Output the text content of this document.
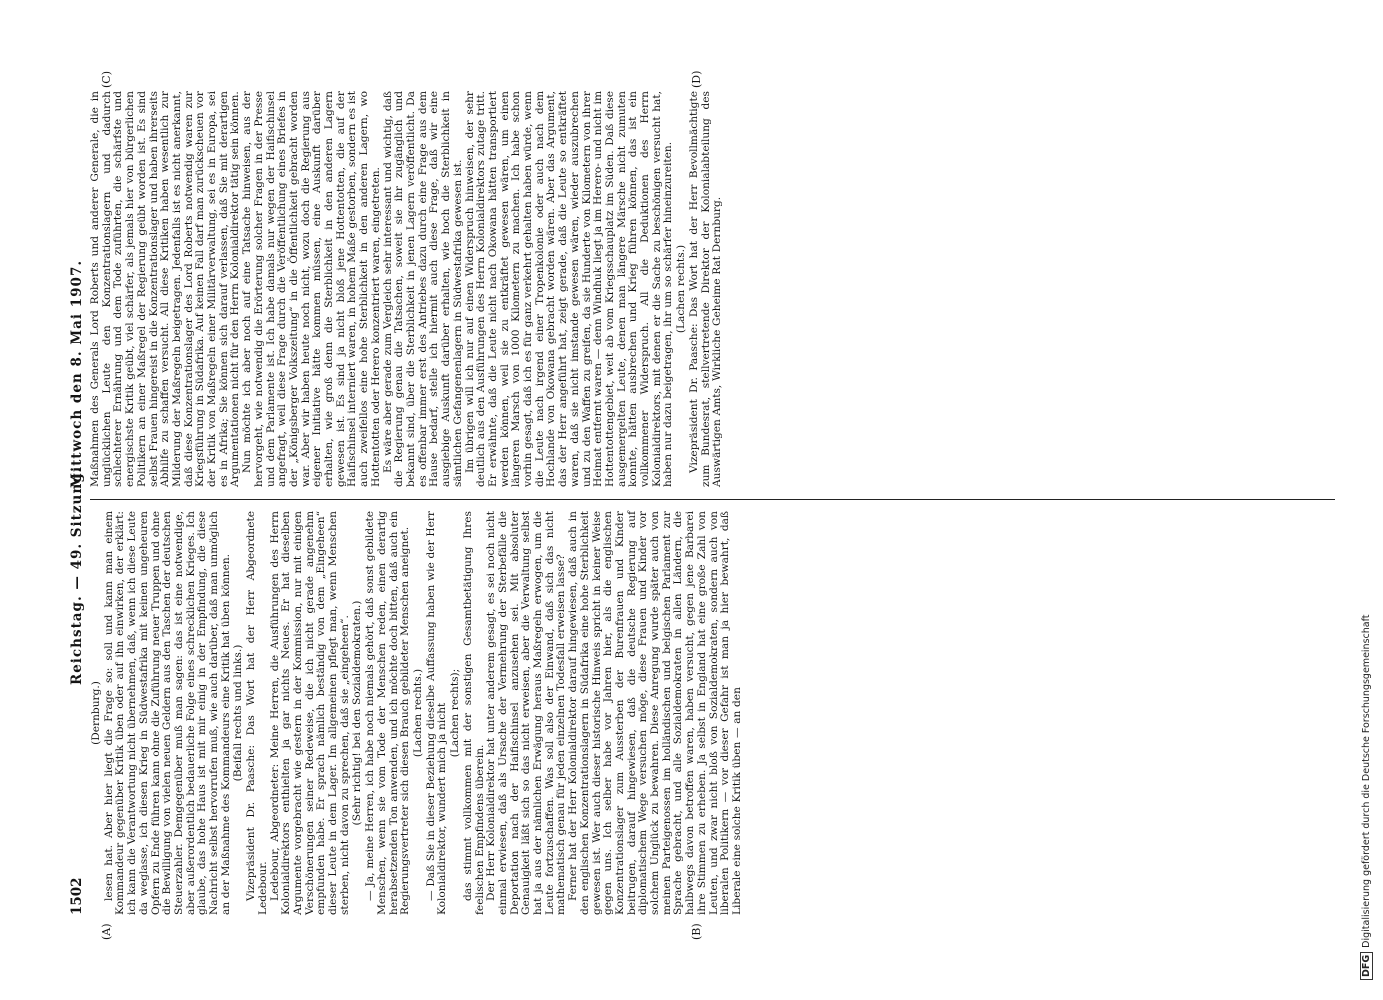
1502
Reichstag. — 49. Sitzung.
Mittwoch den 8. Mai 1907.
(A)	(B)
(C)	(D)

(Dernburg.) lesen hat. Aber hier liegt die Frage so: soll und kann man einem Kommandeur gegenüber Kritik üben oder auf ihn einwirken, der erklärt: ich kann die Verantwortung nicht übernehmen, daß, wenn ich diese Leute da weglasse, ich diesen Krieg in Südwestafrika mit keinen ungeheuren Opfern zu Ende führen kann ohne die Zuführung neuer Truppen und ohne die Bewilligung von vielen neuen Geldern aus den Taschen der deutschen Steuerzahler. Demgegenüber muß man sagen: das ist eine notwendige, aber außerordentlich bedauerliche Folge eines schrecklichen Krieges. Ich glaube, das hohe Haus ist mit mir einig in der Empfindung, die diese Nachricht selbst hervorrufen muß, wie auch darüber, daß man unmöglich an der Maßnahme des Kommandeurs eine Kritik hat üben können. (Beifall rechts und links.) Vizepräsident Dr. Paasche: Das Wort hat der Herr Abgeordnete Ledebour. Ledebour, Abgeordneter: Meine Herren, die Ausführungen des Herrn Kolonialdirektors enthielten ja gar nichts Neues. Er hat dieselben Argumente vorgebracht wie gestern in der Kommission, nur mit einigen Verschönerungen seiner Redeweise, die ich nicht gerade angenehm empfunden habe. Er sprach nämlich beständig von dem „Eingeheen“ dieser Leute in dem Lager. Im allgemeinen pflegt man, wenn Menschen sterben, nicht davon zu sprechen, daß sie „eingeheen“. (Sehr richtig! bei den Sozialdemokraten.) — Ja, meine Herren, ich habe noch niemals gehört, daß sonst gebildete Menschen, wenn sie vom Tode der Menschen reden, einen derartig herabsetzenden Ton anwenden, und ich möchte doch bitten, daß auch ein Regierungsvertreter sich diesen Brauch gebildeter Menschen aneignet. (Lachen rechts.) — Daß Sie in dieser Beziehung dieselbe Auffassung haben wie der Herr Kolonialdirektor, wundert mich ja nicht (Lachen rechts); das stimmt vollkommen mit der sonstigen Gesamtbetätigung Ihres feelischen Empfindens überein. Der Herr Kolonialdirektor hat unter anderem gesagt, es sei noch nicht einmal erwiesen, daß als Ursache der Vermehrung der Sterbefälle die Deportation nach der Haifischinsel anzusehen sei. Mit absoluter Genauigkeit läßt sich so das nicht erweisen, aber die Verwaltung selbst hat ja aus der nämlichen Erwägung heraus Maßregeln erwogen, um die Leute fortzuschaffen. Was soll also der Einwand, daß sich das nicht mathematisch genau für jeden einzelnen Todesfall erweisen lasse? Ferner hat der Herr Kolonialdirektor darauf hingewiesen, daß auch in den englischen Konzentrationslagern in Südafrika eine hohe Sterblichkeit gewesen ist. Wer auch dieser historische Hinweis spricht in keiner Weise gegen uns. Ich selber habe vor Jahren hier, als die englischen Konzentrationslager zum Aussterben der Burenfrauen und Kinder beitrugen, darauf hingewiesen, daß die deutsche Regierung auf diplomatischem Wege versuchen möge, diese Frauen und Kinder vor solchem Unglück zu bewahren. Diese Anregung wurde später auch von meinen Parteigenossen im holländischen und belgischen Parlament zur Sprache gebracht, und alle Sozialdemokraten in allen Ländern, die halbwegs davon betroffen waren, haben versucht, gegen jene Barbarei ihre Stimmen zu erheben. Ja selbst in England hat eine große Zahl von Leuten, und zwar nicht bloß von Sozialdemokraten, sondern auch von liberalen Politikern — vor dieser Gefahr ist man ja hier bewahrt, daß Liberale eine solche Kritik üben — an den

Maßnahmen des Generals Lord Roberts und anderer Generale, die in unglücklichen Leute den Konzentrationslagern und dadurch schlechterer Ernährung und dem Tode zuführten, die schärfste und energischste Kritik geübt, viel schärfer, als jemals hier von bürgerlichen Politikern an einer Maßregel der Regierung geübt worden ist. Es sind selbst Frauen hingereist in die Konzentrationslager und haben ihrerseits Abhilfe zu schaffen versucht. All diese Kritiken haben wesentlich zur Milderung der Maßregeln beigetragen. Jedenfalls ist es nicht anerkannt, daß diese Konzentrationslager des Lord Roberts notwendig waren zur Kriegsführung in Südafrika. Auf keinen Fall darf man zurückscheuen vor der Kritik von Maßregeln einer Militärverwaltung, sei es in Europa, sei es in Afrika; Sie können sich darauf verlassen, daß Sie mit derartigen Argumentationen nicht für den Herrn Kolonialdirektor tätig sein können. Nun möchte ich aber noch auf eine Tatsache hinweisen, aus der hervorgeht, wie notwendig die Erörterung solcher Fragen in der Presse und dem Parlamente ist. Ich habe damals nur wegen der Haifischinsel angefragt, weil diese Frage durch die Veröffentlichung eines Briefes in der „Königsberger Volkszeitung“ in die Öffentlichkeit gebracht worden war. Aber wir haben heute noch nicht, wozu doch die Regierung aus eigener Initiative hätte kommen müssen, eine Auskunft darüber erhalten, wie groß denn die Sterblichkeit in den anderen Lagern gewesen ist. Es sind ja nicht bloß jene Hottentotten, die auf der Haifischinsel interniert waren, in hohem Maße gestorben, sondern es ist auch zweifellos eine hohe Sterblichkeit in den anderen Lagern, wo Hottentotten oder Herero konzentriert waren, eingetreten. Es wäre aber gerade zum Vergleich sehr interessant und wichtig, daß die Regierung genau die Tatsachen, soweit sie ihr zugänglich und bekannt sind, über die Sterblichkeit in jenen Lagern veröffentlicht. Da es offenbar immer erst des Antriebes dazu durch eine Frage aus dem Hause bedarf, stelle ich hiermit auch diese Frage, daß wir eine ausgiebige Auskunft darüber erhalten, wie hoch die Sterblichkeit in sämtlichen Gefangenenlagern in Südwestafrika gewesen ist. Im übrigen will ich nur auf einen Widerspruch hinweisen, der sehr deutlich aus den Ausführungen des Herrn Kolonialdirektors zutage tritt. Er erwähnte, daß die Leute nicht nach Okowana hätten transportiert werden können, weil sie zu entkräftet gewesen wären, um einen längeren Marsch von 1000 Kilometern zu machen. Ich habe schon vorhin gesagt, daß ich es für ganz verkehrt gehalten haben würde, wenn die Leute nach irgend einer Tropenkolonie oder auch nach dem Hochlande von Okowana gebracht worden wären. Aber das Argument, das der Herr angeführt hat, zeigt gerade, daß die Leute so entkräftet waren, daß sie nicht imstande gewesen wären, wieder auszubrechen und zu den Waffen zu greifen, da sie Hunderte von Kilometern von ihrer Heimat entfernt waren — denn Windhuk liegt ja im Herero- und nicht im Hottentottengebiet, weit ab vom Kriegsschauplatz im Süden. Daß diese ausgemergelten Leute, denen man längere Märsche nicht zumuten konnte, hätten ausbrechen und Krieg führen können, das ist ein vollkommener Widerspruch. All die Deduktionen des Herrn Kolonialdirektors, mit denen er die Sache zu beschönigen versucht hat, haben nur dazu beigetragen, ihr um so schärfer hineinzureiten. (Lachen rechts.) Vizepräsident Dr. Paasche: Das Wort hat der Herr Bevollmächtigte zum Bundesrat, stellvertretende Direktor der Kolonialabteilung des Auswärtigen Amts, Wirkliche Geheime Rat Dernburg.

DFGDigitalisierung gefördert durch die Deutsche Forschungsgemeinschaft
